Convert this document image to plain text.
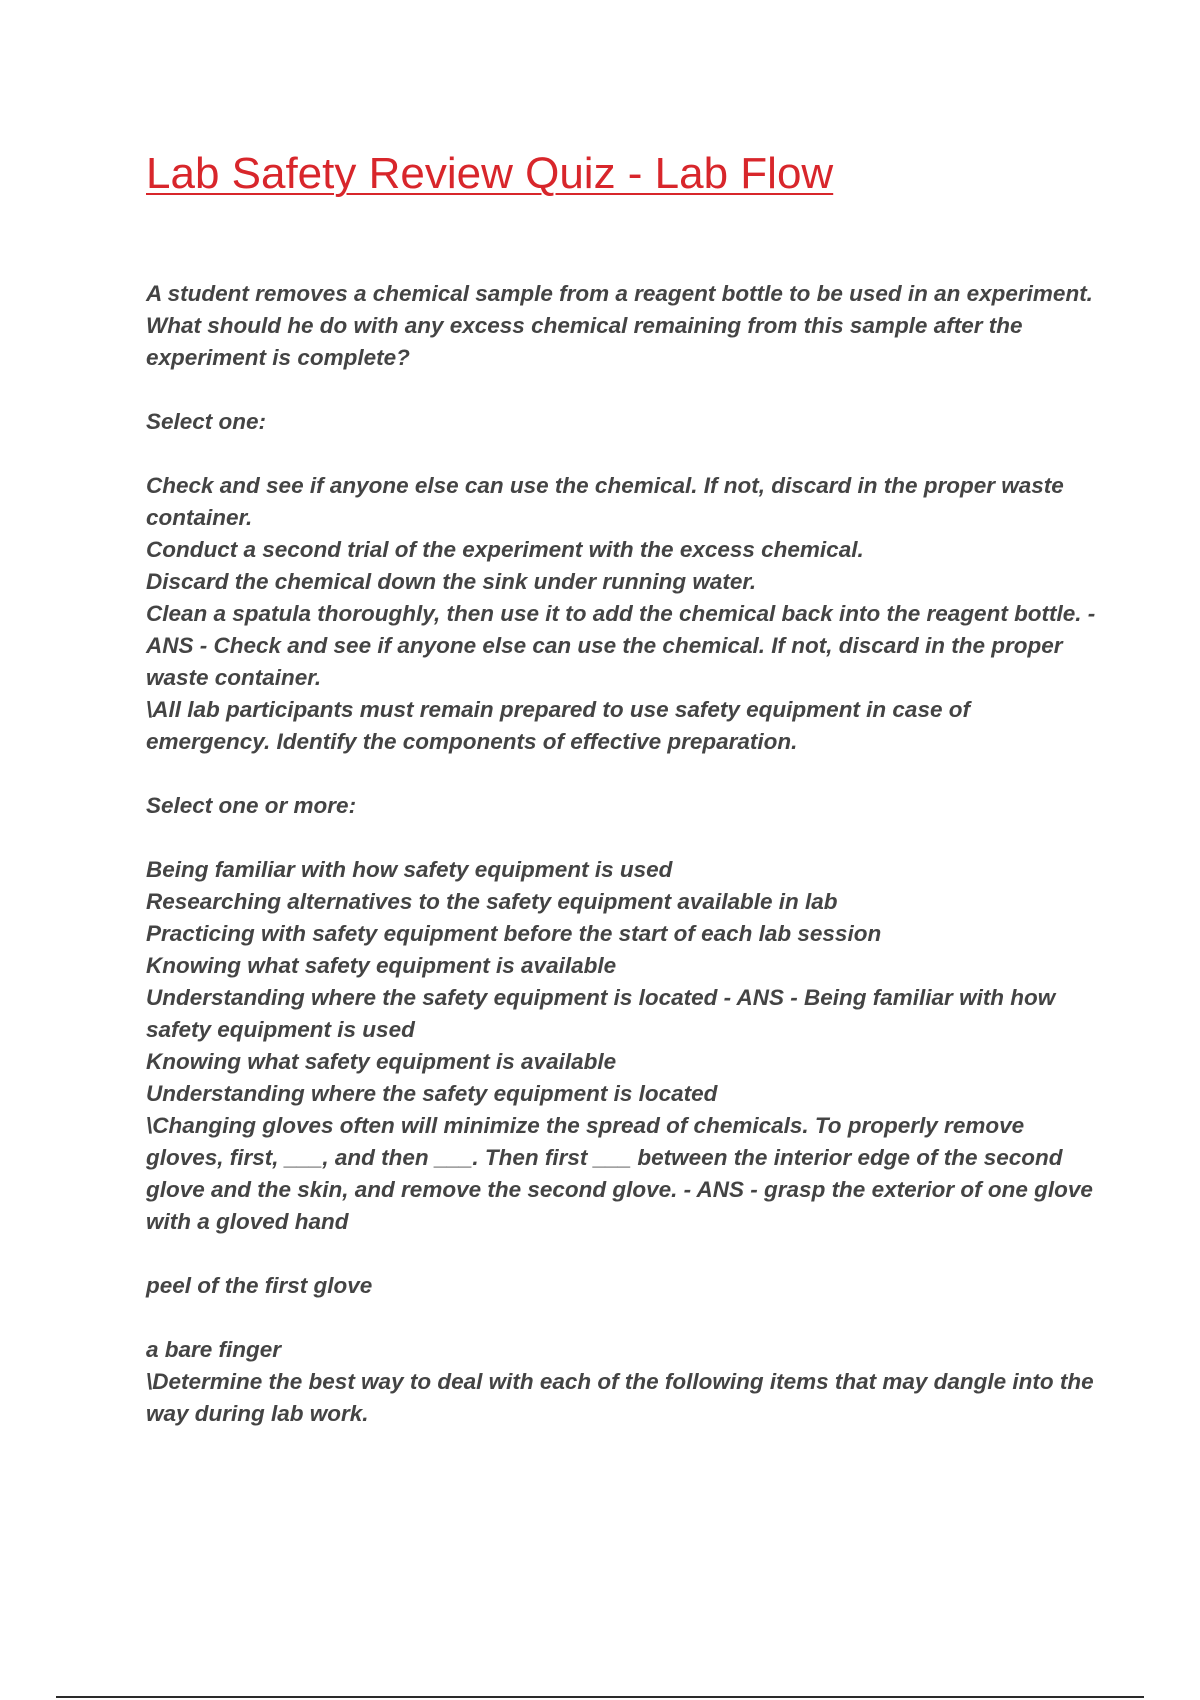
Lab Safety Review Quiz - Lab Flow

A student removes a chemical sample from a reagent bottle to be used in an experiment. What should he do with any excess chemical remaining from this sample after the experiment is complete?

Select one:

Check and see if anyone else can use the chemical. If not, discard in the proper waste container.

Conduct a second trial of the experiment with the excess chemical.

Discard the chemical down the sink under running water.

Clean a spatula thoroughly, then use it to add the chemical back into the reagent bottle. - ANS - Check and see if anyone else can use the chemical. If not, discard in the proper waste container.

\All lab participants must remain prepared to use safety equipment in case of emergency. Identify the components of effective preparation.

Select one or more:

Being familiar with how safety equipment is used

Researching alternatives to the safety equipment available in lab

Practicing with safety equipment before the start of each lab session

Knowing what safety equipment is available

Understanding where the safety equipment is located - ANS - Being familiar with how safety equipment is used

Knowing what safety equipment is available

Understanding where the safety equipment is located

\Changing gloves often will minimize the spread of chemicals. To properly remove gloves, first, ___, and then ___. Then first ___ between the interior edge of the second glove and the skin, and remove the second glove. - ANS - grasp the exterior of one glove with a gloved hand

peel of the first glove

a bare finger

\Determine the best way to deal with each of the following items that may dangle into the way during lab work.
